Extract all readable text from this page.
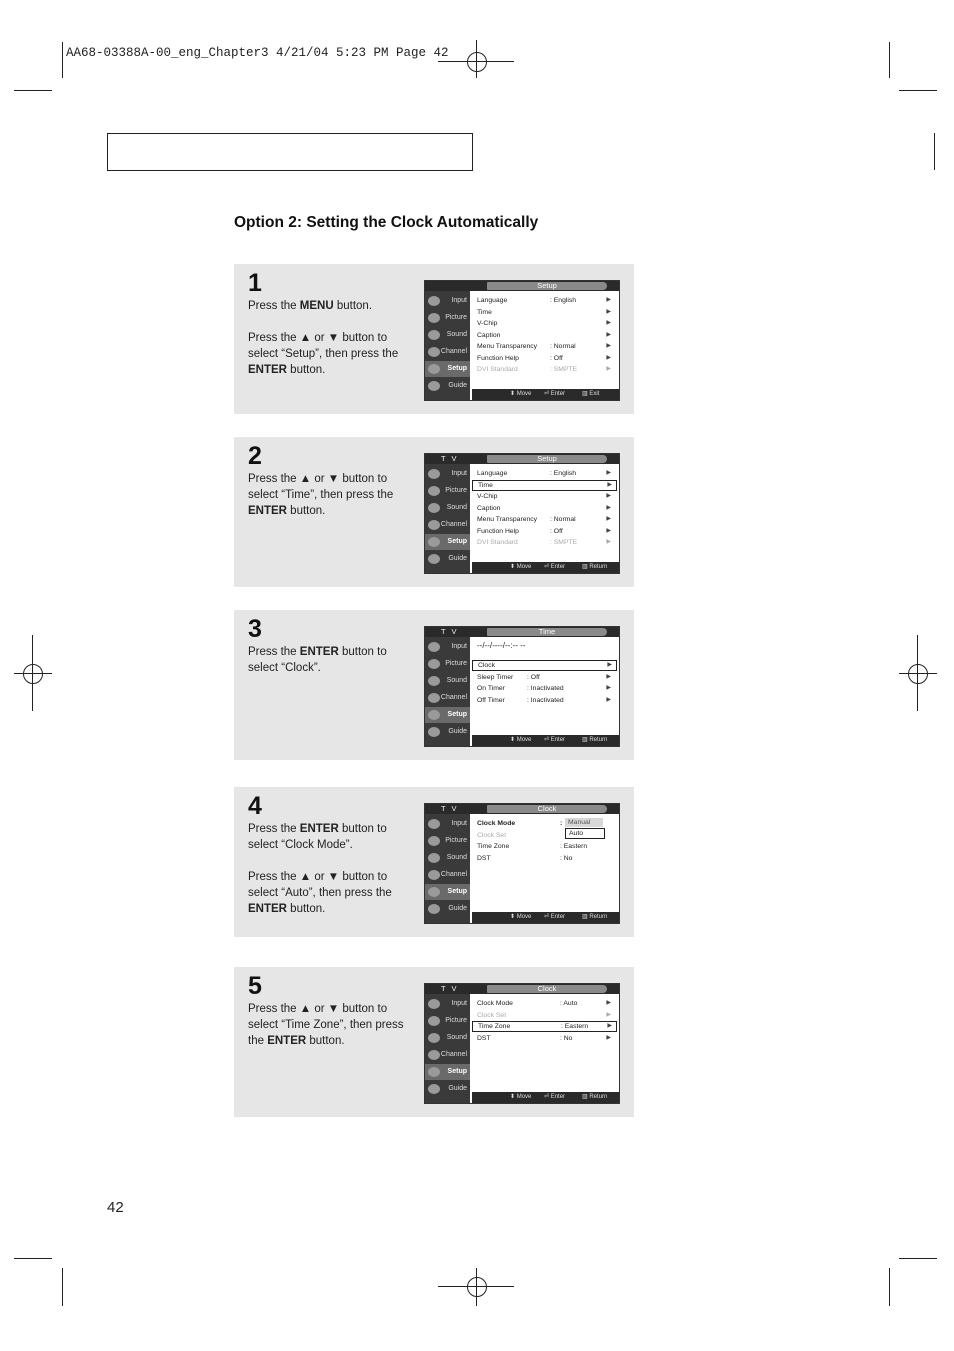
AA68-03388A-00_eng_Chapter3 4/21/04 5:23 PM Page 42
Option 2: Setting the Clock Automatically
1

Press the MENU button.

Press the ▲ or ▼ button to select “Setup”, then press the ENTER button.

Setup
Input
Picture
Sound
Channel
Setup
Guide
Language	: English	▶
Time	▶
V-Chip	▶
Caption	▶
Menu Transparency : Normal	▶
Function Help	: Off	▶
DVI Standard	: SMPTE	▶
⬍ Move ⏎ Enter	▥ Exit
2

Press the ▲ or ▼ button to select “Time”, then press the ENTER button.

T V	Setup
Input
Picture
Sound
Channel
Setup
Guide
Language	: English	▶
Time	▶
V-Chip	▶
Caption	▶
Menu Transparency : Normal	▶
Function Help	: Off	▶
DVI Standard	: SMPTE	▶
⬍ Move ⏎ Enter	▥ Return
3

Press the ENTER button to select “Clock”.

T V	Time
Input
Picture
Sound
Channel
Setup
Guide
--/--/----/--:-- --
Clock	▶
Sleep Timer : Off	▶
On Timer	: Inactivated	▶
Off Timer	: Inactivated	▶
⬍ Move ⏎ Enter	▥ Return
4

Press the ENTER button to select “Clock Mode”.

Press the ▲ or ▼ button to select “Auto”, then press the ENTER button.

T V	Clock
Input
Picture
Sound
Channel
Setup
Guide
Clock Mode	:
Clock Set
Time Zone	: Eastern
DST	: No
Manual
Auto
⬍ Move ⏎ Enter	▥ Return
5

Press the ▲ or ▼ button to select “Time Zone”, then press the ENTER button.

T V	Clock
Input
Picture
Sound
Channel
Setup
Guide
Clock Mode	: Auto	▶
Clock Set	▶
Time Zone	: Eastern	▶
DST	: No	▶
⬍ Move ⏎ Enter	▥ Return
42
